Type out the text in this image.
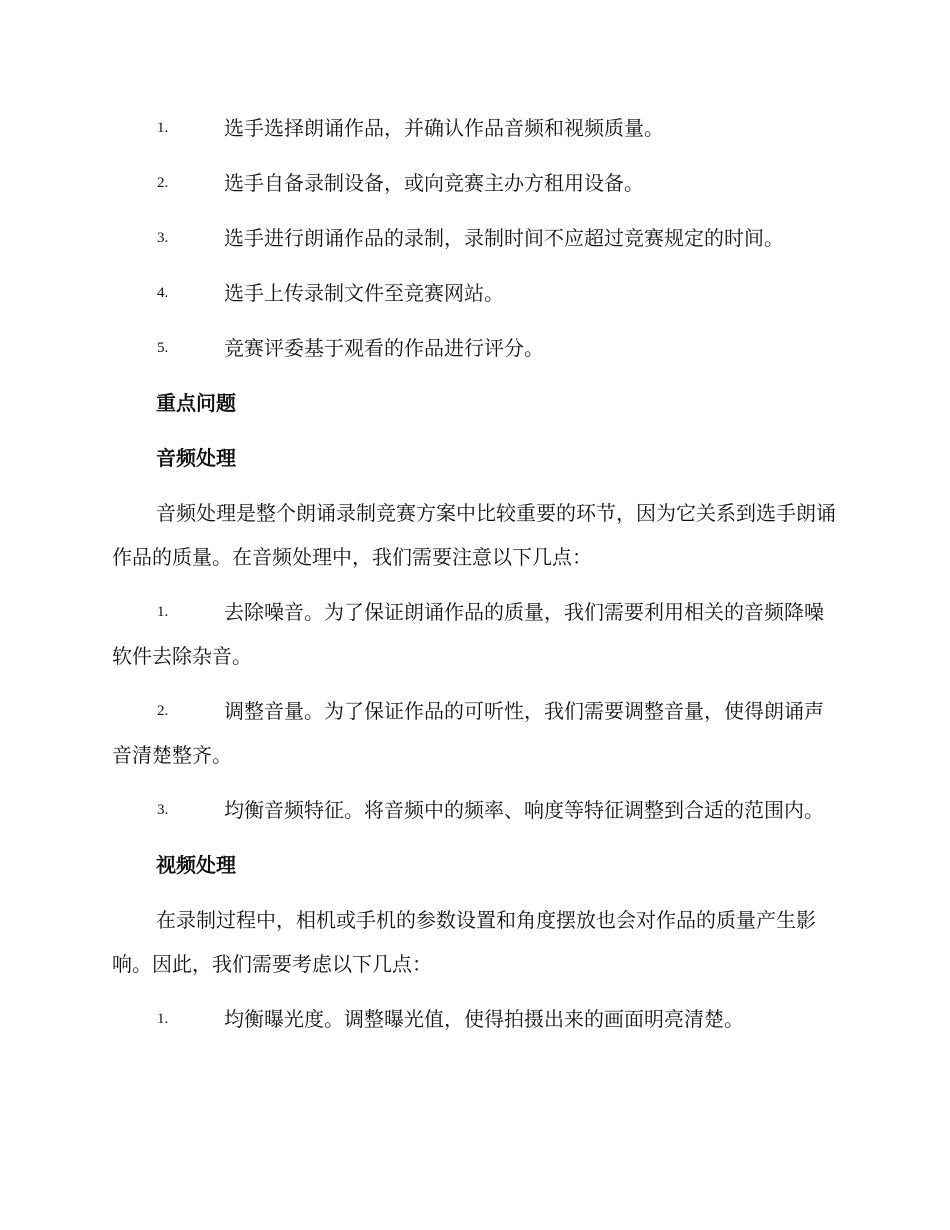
1.	选手选择朗诵作品，并确认作品音频和视频质量。
2.	选手自备录制设备，或向竞赛主办方租用设备。
3.	选手进行朗诵作品的录制，录制时间不应超过竞赛规定的时间。
4.	选手上传录制文件至竞赛网站。
5.	竞赛评委基于观看的作品进行评分。
重点问题
音频处理
音频处理是整个朗诵录制竞赛方案中比较重要的环节，因为它关系到选手朗诵作品的质量。在音频处理中，我们需要注意以下几点：
1.	去除噪音。为了保证朗诵作品的质量，我们需要利用相关的音频降噪软件去除杂音。
2.	调整音量。为了保证作品的可听性，我们需要调整音量，使得朗诵声音清楚整齐。
3.	均衡音频特征。将音频中的频率、响度等特征调整到合适的范围内。
视频处理
在录制过程中，相机或手机的参数设置和角度摆放也会对作品的质量产生影响。因此，我们需要考虑以下几点：
1.	均衡曝光度。调整曝光值，使得拍摄出来的画面明亮清楚。
